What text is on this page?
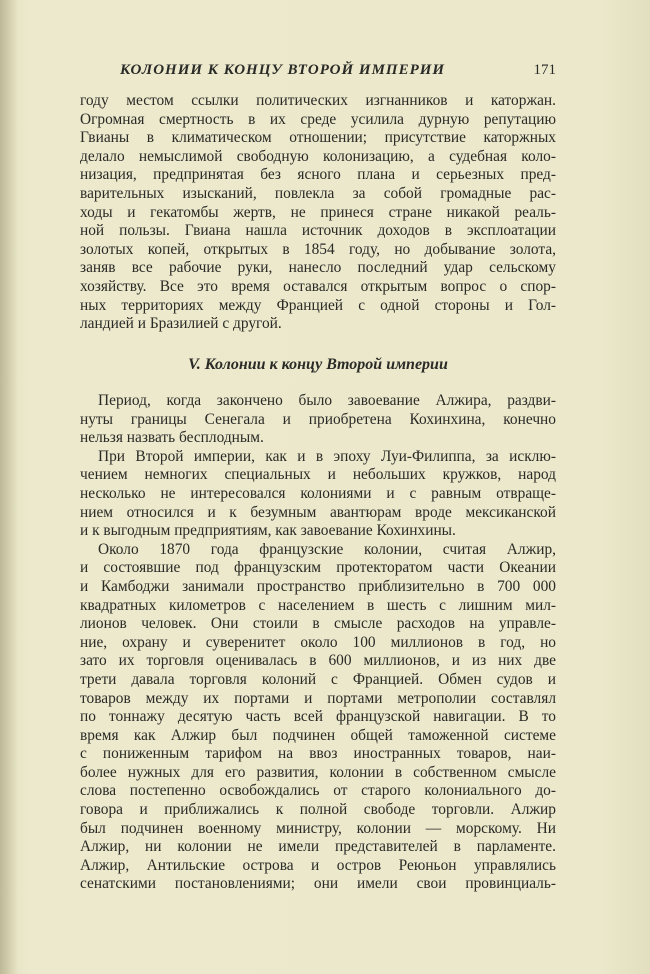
КОЛОНИИ К КОНЦУ ВТОРОЙ ИМПЕРИИ	171
году местом ссылки политических изгнанников и каторжан.
Огромная смертность в их среде усилила дурную репутацию
Гвианы в климатическом отношении; присутствие каторжных
делало немыслимой свободную колонизацию, а судебная коло-
низация, предпринятая без ясного плана и серьезных пред-
варительных изысканий, повлекла за собой громадные рас-
ходы и гекатомбы жертв, не принеся стране никакой реаль-
ной пользы. Гвиана нашла источник доходов в эксплоатации
золотых копей, открытых в 1854 году, но добывание золота,
заняв все рабочие руки, нанесло последний удар сельскому
хозяйству. Все это время оставался открытым вопрос о спор-
ных территориях между Францией с одной стороны и Гол-
ландией и Бразилией с другой.
V. Колонии к концу Второй империи
Период, когда закончено было завоевание Алжира, раздви-
нуты границы Сенегала и приобретена Кохинхина, конечно
нельзя назвать бесплодным.
При Второй империи, как и в эпоху Луи-Филиппа, за исклю-
чением немногих специальных и небольших кружков, народ
несколько не интересовался колониями и с равным отвраще-
нием относился и к безумным авантюрам вроде мексиканской
и к выгодным предприятиям, как завоевание Кохинхины.
Около 1870 года французские колонии, считая Алжир,
и состоявшие под французским протекторатом части Океании
и Камбоджи занимали пространство приблизительно в 700 000
квадратных километров с населением в шесть с лишним мил-
лионов человек. Они стоили в смысле расходов на управле-
ние, охрану и суверенитет около 100 миллионов в год, но
зато их торговля оценивалась в 600 миллионов, и из них две
трети давала торговля колоний с Францией. Обмен судов и
товаров между их портами и портами метрополии составлял
по тоннажу десятую часть всей французской навигации. В то
время как Алжир был подчинен общей таможенной системе
с пониженным тарифом на ввоз иностранных товаров, наи-
более нужных для его развития, колонии в собственном смысле
слова постепенно освобождались от старого колониального до-
говора и приближались к полной свободе торговли. Алжир
был подчинен военному министру, колонии — морскому. Ни
Алжир, ни колонии не имели представителей в парламенте.
Алжир, Антильские острова и остров Реюньон управлялись
сенатскими постановлениями; они имели свои провинциаль-
